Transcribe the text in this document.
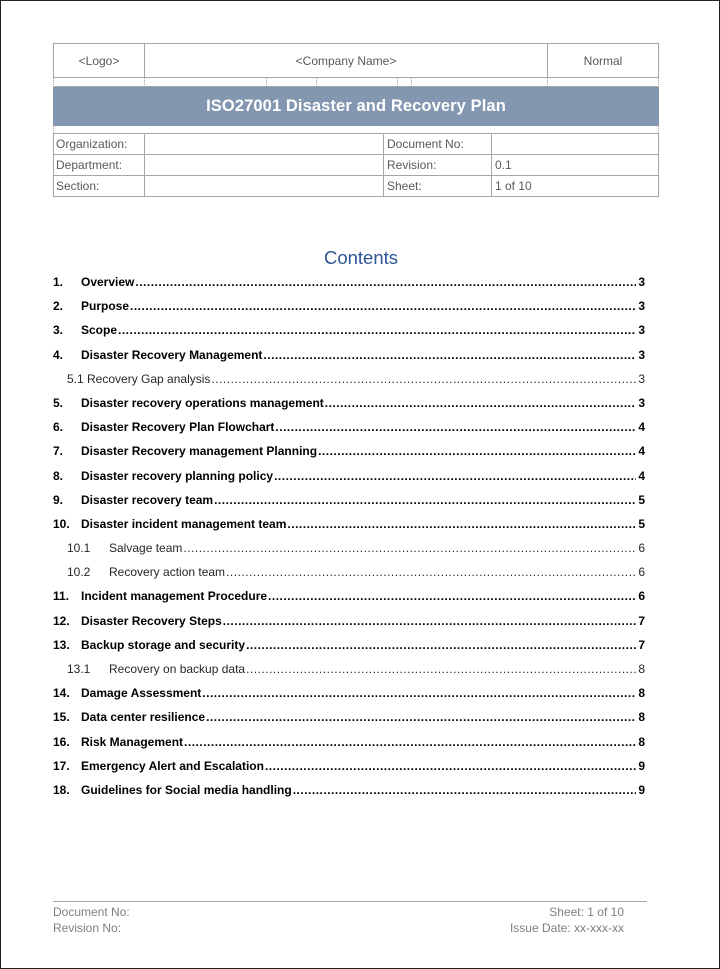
<Logo>	<Company Name>	Normal
ISO27001 Disaster and Recovery Plan
Organization:		Document No:	
Department:		Revision:	0.1
Section:		Sheet:	1 of 10
Contents
1.	Overview .....	3
2.	Purpose .....	3
3.	Scope .....	3
4.	Disaster Recovery Management .....	3
5.1 Recovery Gap analysis .....	3
5.	Disaster recovery operations management .....	3
6.	Disaster Recovery Plan Flowchart .....	4
7.	Disaster Recovery management Planning .....	4
8.	Disaster recovery planning policy .....	4
9.	Disaster recovery team .....	5
10. Disaster incident management team .....	5
10.1	Salvage team .....	6
10.2	Recovery action team .....	6
11. Incident management Procedure .....	6
12. Disaster Recovery Steps .....	7
13. Backup storage and security .....	7
13.1	Recovery on backup data .....	8
14. Damage Assessment .....	8
15. Data center resilience .....	8
16. Risk Management .....	8
17. Emergency Alert and Escalation .....	9
18. Guidelines for Social media handling .....	9
Document No:	Sheet: 1 of 10
Revision No:	Issue Date: xx-xxx-xx
